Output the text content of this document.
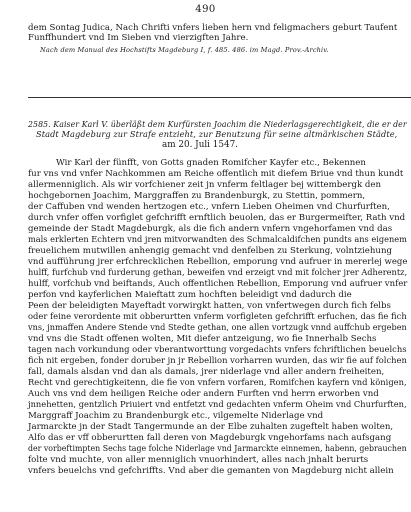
490
dem Sontag Judica, Nach Chrifti vnfers lieben hern vnd feligmachers geburt Taufent
Funffhundert vnd Im Sieben vnd vierzigften Jahre.
Nach dem Manual des Hochstifts Magdeburg I, f. 485. 486. im Magd. Prov.-Archiv.
2585. Kaiser Karl V. überläßt dem Kurfürsten Joachim die Niederlagsgerechtigkeit, die er der
Stadt Magdeburg zur Strafe entzieht, zur Benutzung für seine altmärkischen Städte,
am 20. Juli 1547.
Wir Karl der fünfft, von Gotts gnaden Romifcher Kayfer etc., Bekennen
fur vns vnd vnfer Nachkommen am Reiche offentlich mit diefem Briue vnd thun kundt
allermenniglich. Als wir vorfchiener zeit jn vnferm feltlager bej wittembergk den
hochgebornen Joachim, Marggraffen zu Brandenburgk, zu Stettin, pommern,
der Caffuben vnd wenden hertzogen etc., vnfern Lieben Oheimen vnd Churfurften,
durch vnfer offen vorfiglet gefchrifft ernftlich beuolen, das er Burgermeifter, Rath vnd
gemeinde der Stadt Magdeburgk, als die fich andern vnfern vngehorfamen vnd das
mals erklerten Echtern vnd jren mitvorwandten des Schmalcaldifchen pundts ans eigenem
freuelichem mutwillen anhengig gemacht vnd denfelben zu Sterkung, volntziehung
vnd aufführung jrer erfchrecklichen Rebellion, emporung vnd aufruer in mererlej wege
hulff, furfchub vnd furderung gethan, beweifen vnd erzeigt vnd mit folcher jrer Adherentz,
hulff, vorfchub vnd beiftands, Auch offentlichen Rebellion, Emporung vnd aufruer vnfer
perfon vnd kayferlichen Maieftatt zum hochften beleidigt vnd dadurch die
Peen der beleidigten Mayeftadt vorwirgkt hatten, von vnfertwegen durch fich felbs
oder feine verordente mit obberurtten vnferm vorfigleten gefchrifft erfuchen, das fie fich
vns, jnmaffen Andere Stende vnd Stedte gethan, one allen vortzugk vnnd auffchub ergeben
vnd vns die Stadt offenen wolten, Mit diefer antzeigung, wo fie Innerhalb Sechs
tagen nach vorkundung oder vberantworttung vorgedachts vnfers fchriftlichen beuelchs
fich nit ergeben, fonder doruber jn jr Rebellion vorharren wurden, das wir fie auf folchen
fall, damals alsdan vnd dan als damals, jrer niderlage vnd aller andern freiheiten,
Recht vnd gerechtigkeitenn, die fie von vnfern vorfaren, Romifchen kayfern vnd königen,
Auch vns vnd dem heiligen Reiche oder andern Furften vnd herrn erworben vnd
jnnehetten, gentzlich Priuiert vnd entfetzt vnd gedachten vnferm Oheim vnd Churfurften,
Marggraff Joachim zu Brandenburgk etc., vilgemelte Niderlage vnd
Jarmarckte jn der Stadt Tangermunde an der Elbe zuhalten zugeftelt haben wolten,
Alfo das er vff obberurtten fall deren von Magdeburgk vngehorfams nach aufsgang
der vorbeftimpten Sechs tage folche Niderlage vnd Jarmarckte einnemen, habenn, gebrauchen
folte vnd muchte, von aller menniglich vnuorhindert, alles nach jnhalt berurts
vnfers beuelchs vnd gefchriffts. Vnd aber die gemanten von Magdeburg nicht allein
